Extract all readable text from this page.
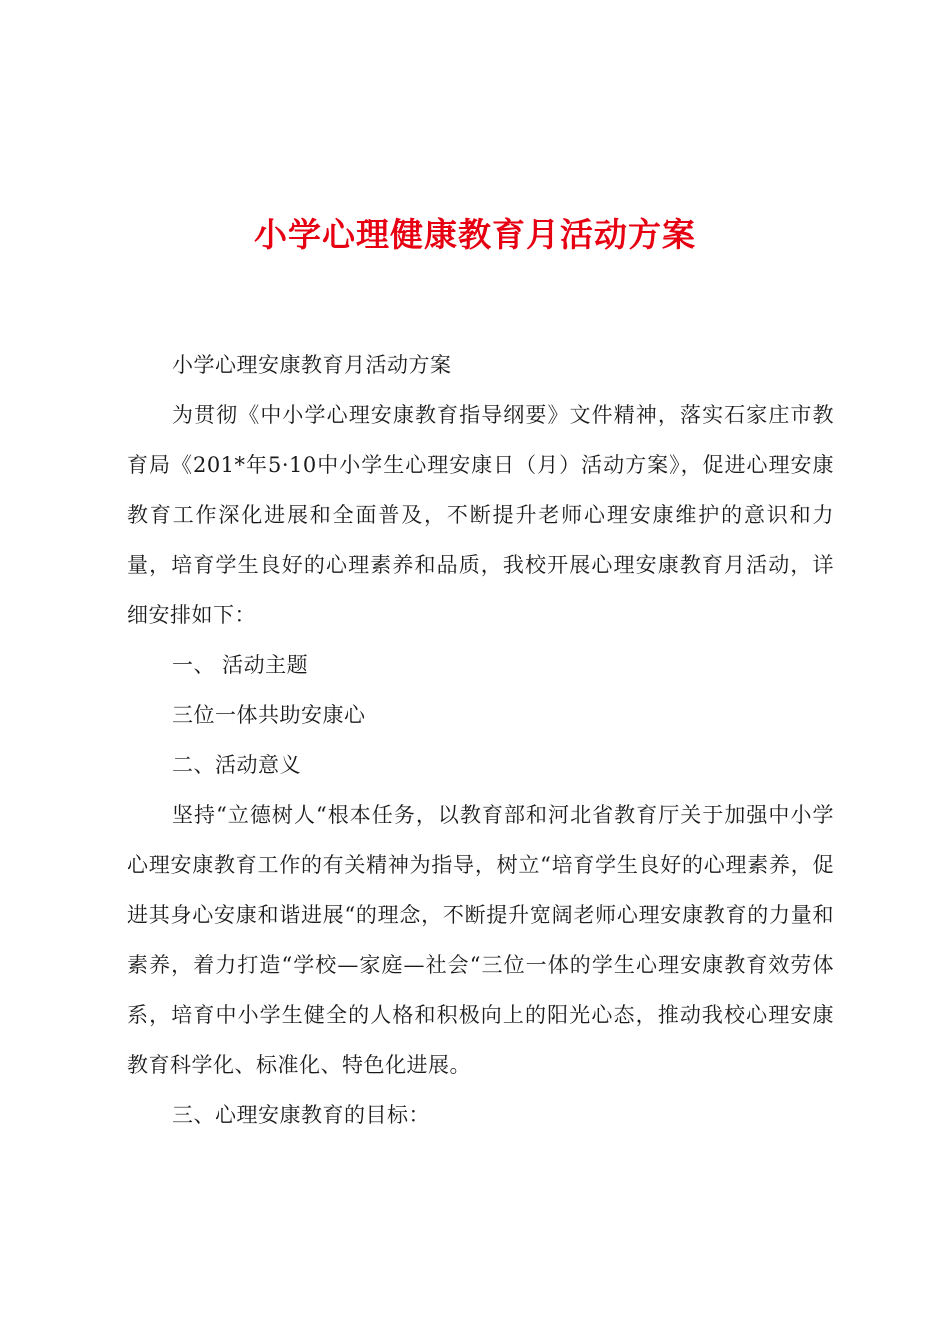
小学心理健康教育月活动方案

小学心理安康教育月活动方案

为贯彻《中小学心理安康教育指导纲要》文件精神，落实石家庄市教育局《201*年5·10中小学生心理安康日（月）活动方案》，促进心理安康教育工作深化进展和全面普及，不断提升老师心理安康维护的意识和力量，培育学生良好的心理素养和品质，我校开展心理安康教育月活动，详细安排如下：

一、 活动主题

三位一体共助安康心

二、活动意义

坚持“立德树人“根本任务，以教育部和河北省教育厅关于加强中小学心理安康教育工作的有关精神为指导，树立“培育学生良好的心理素养，促进其身心安康和谐进展“的理念，不断提升宽阔老师心理安康教育的力量和素养，着力打造“学校—家庭—社会“三位一体的学生心理安康教育效劳体系，培育中小学生健全的人格和积极向上的阳光心态，推动我校心理安康教育科学化、标准化、特色化进展。

三、心理安康教育的目标：
